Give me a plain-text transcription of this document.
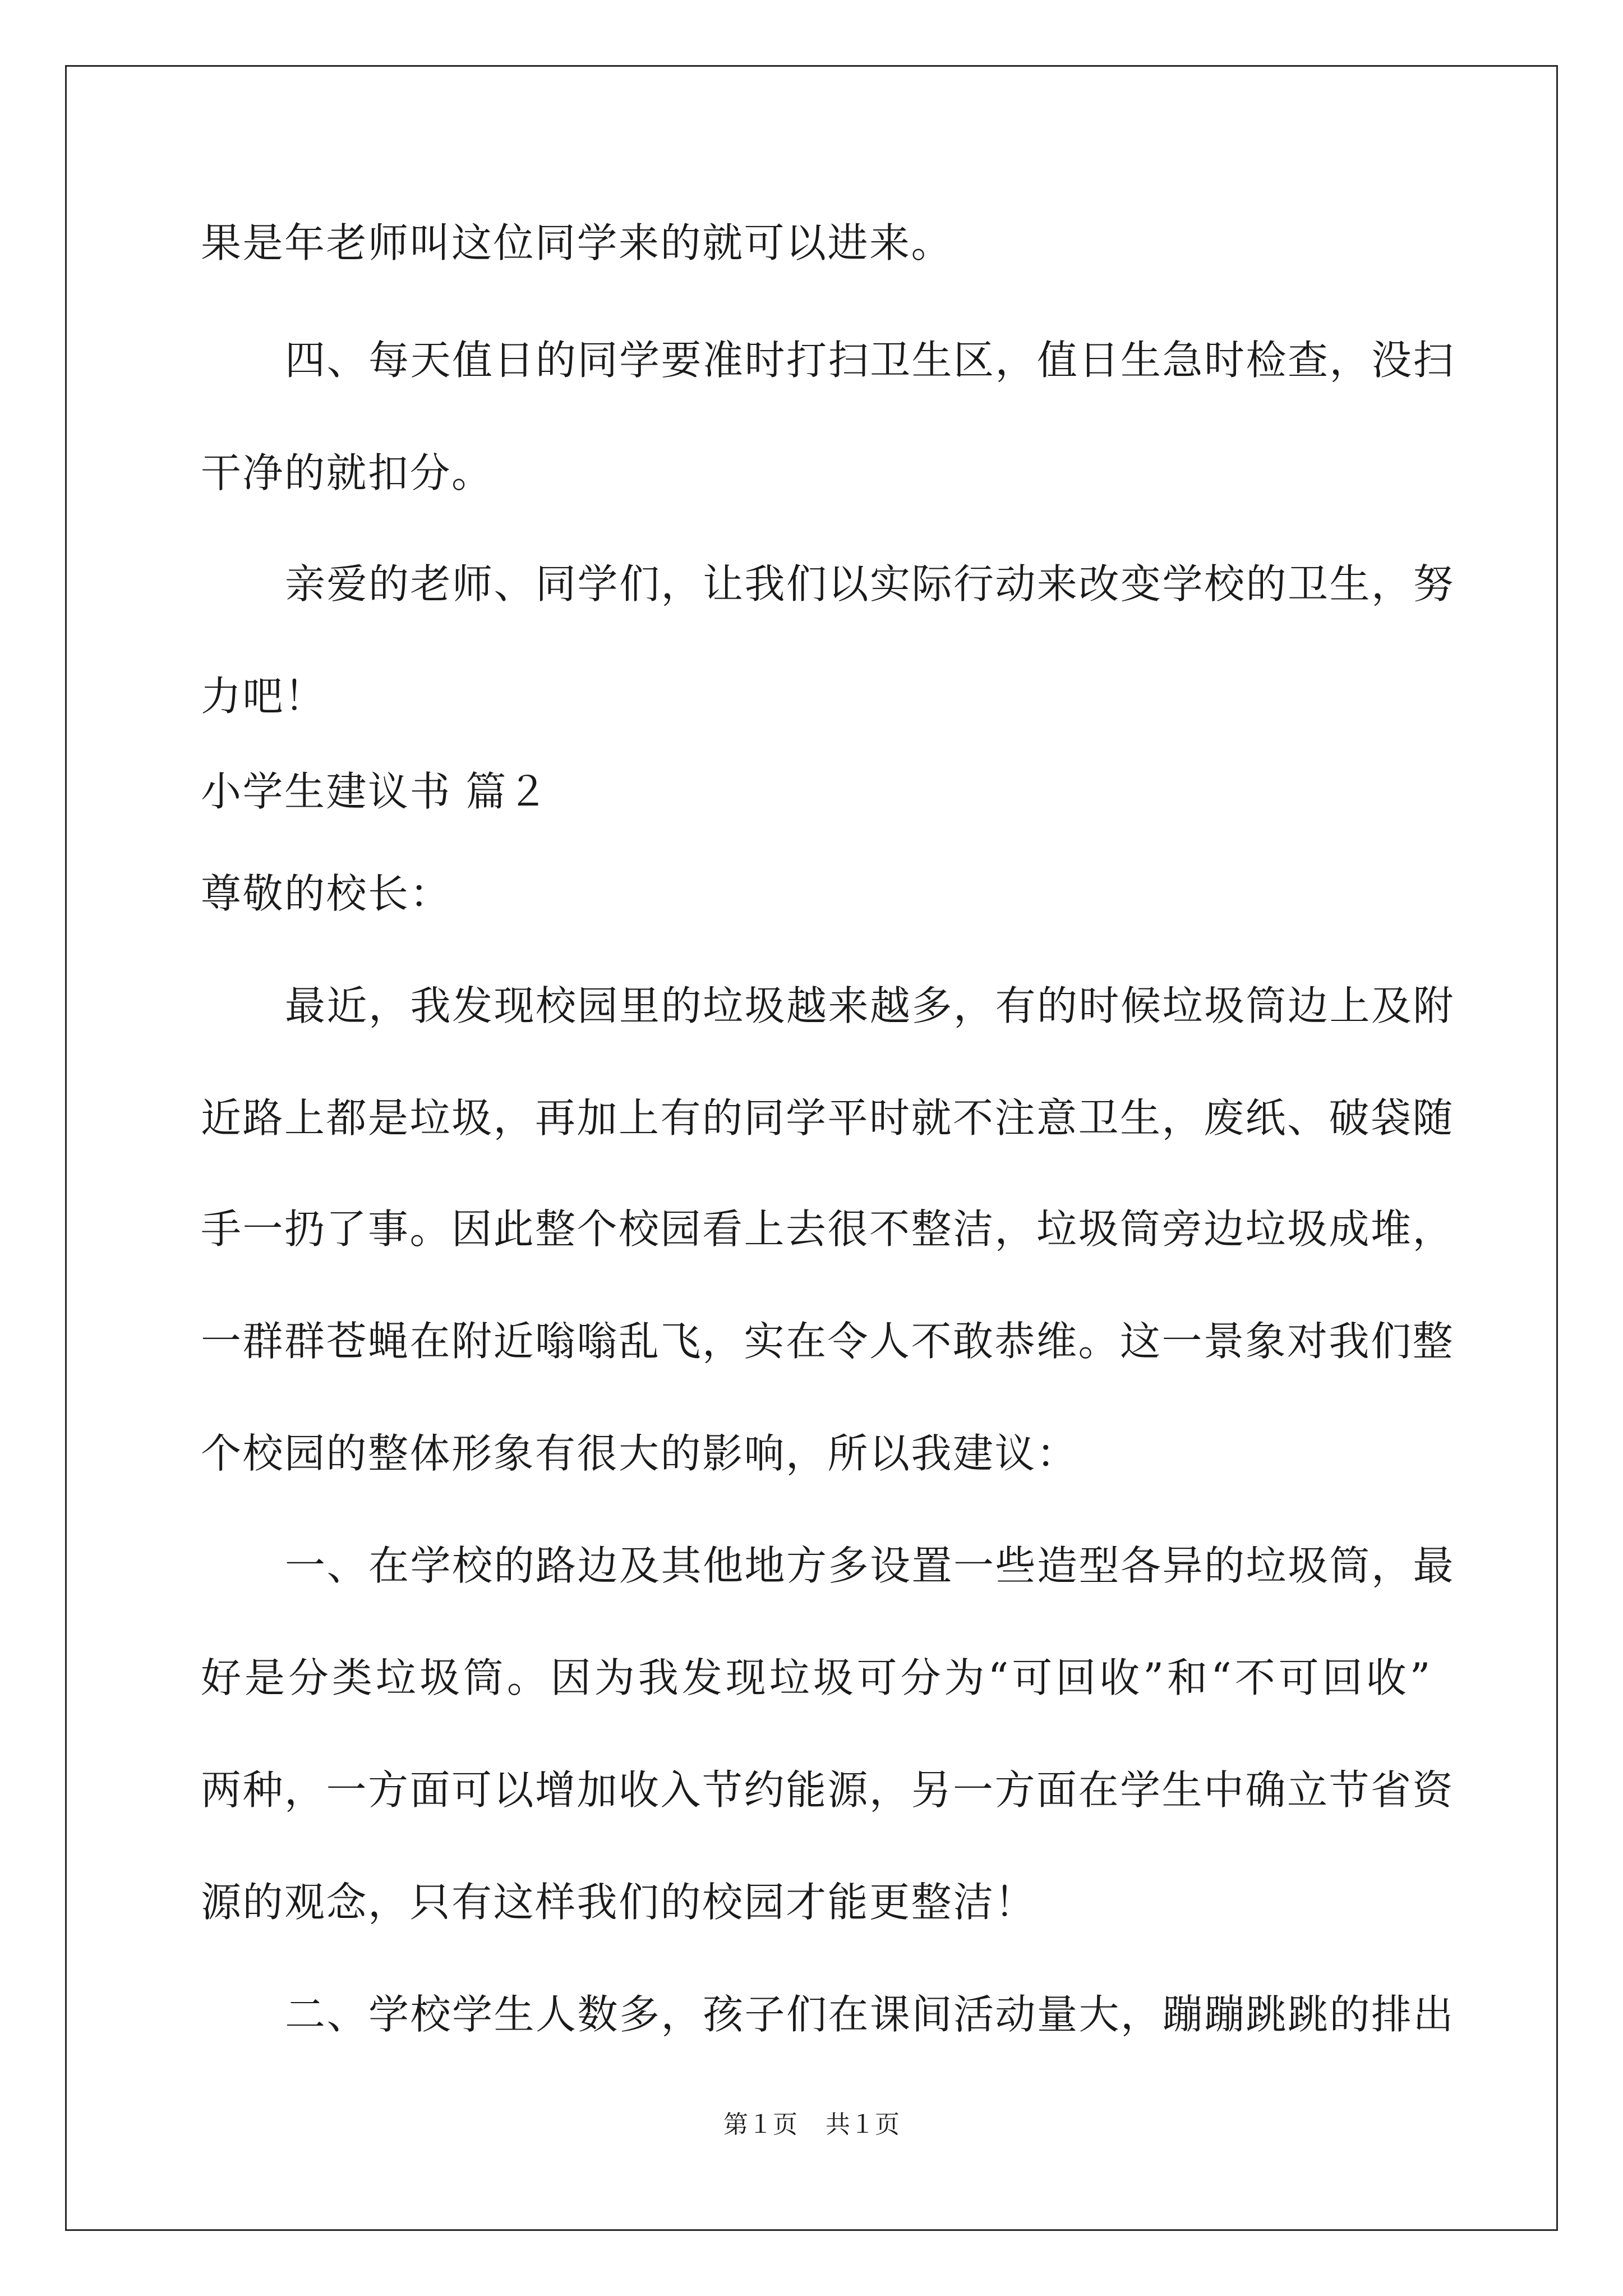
果是年老师叫这位同学来的就可以进来。
四、每天值日的同学要准时打扫卫生区，值日生急时检查，没扫
干净的就扣分。
亲爱的老师、同学们，让我们以实际行动来改变学校的卫生，努
力吧！
小学生建议书 篇２
尊敬的校长：
最近，我发现校园里的垃圾越来越多，有的时候垃圾筒边上及附
近路上都是垃圾，再加上有的同学平时就不注意卫生，废纸、破袋随
手一扔了事。因此整个校园看上去很不整洁，垃圾筒旁边垃圾成堆，
一群群苍蝇在附近嗡嗡乱飞，实在令人不敢恭维。这一景象对我们整
个校园的整体形象有很大的影响，所以我建议：
一、在学校的路边及其他地方多设置一些造型各异的垃圾筒，最
好是分类垃圾筒。因为我发现垃圾可分为“可回收”和“不可回收”
两种，一方面可以增加收入节约能源，另一方面在学生中确立节省资
源的观念，只有这样我们的校园才能更整洁！
二、学校学生人数多，孩子们在课间活动量大，蹦蹦跳跳的排出
第１页 共１页
